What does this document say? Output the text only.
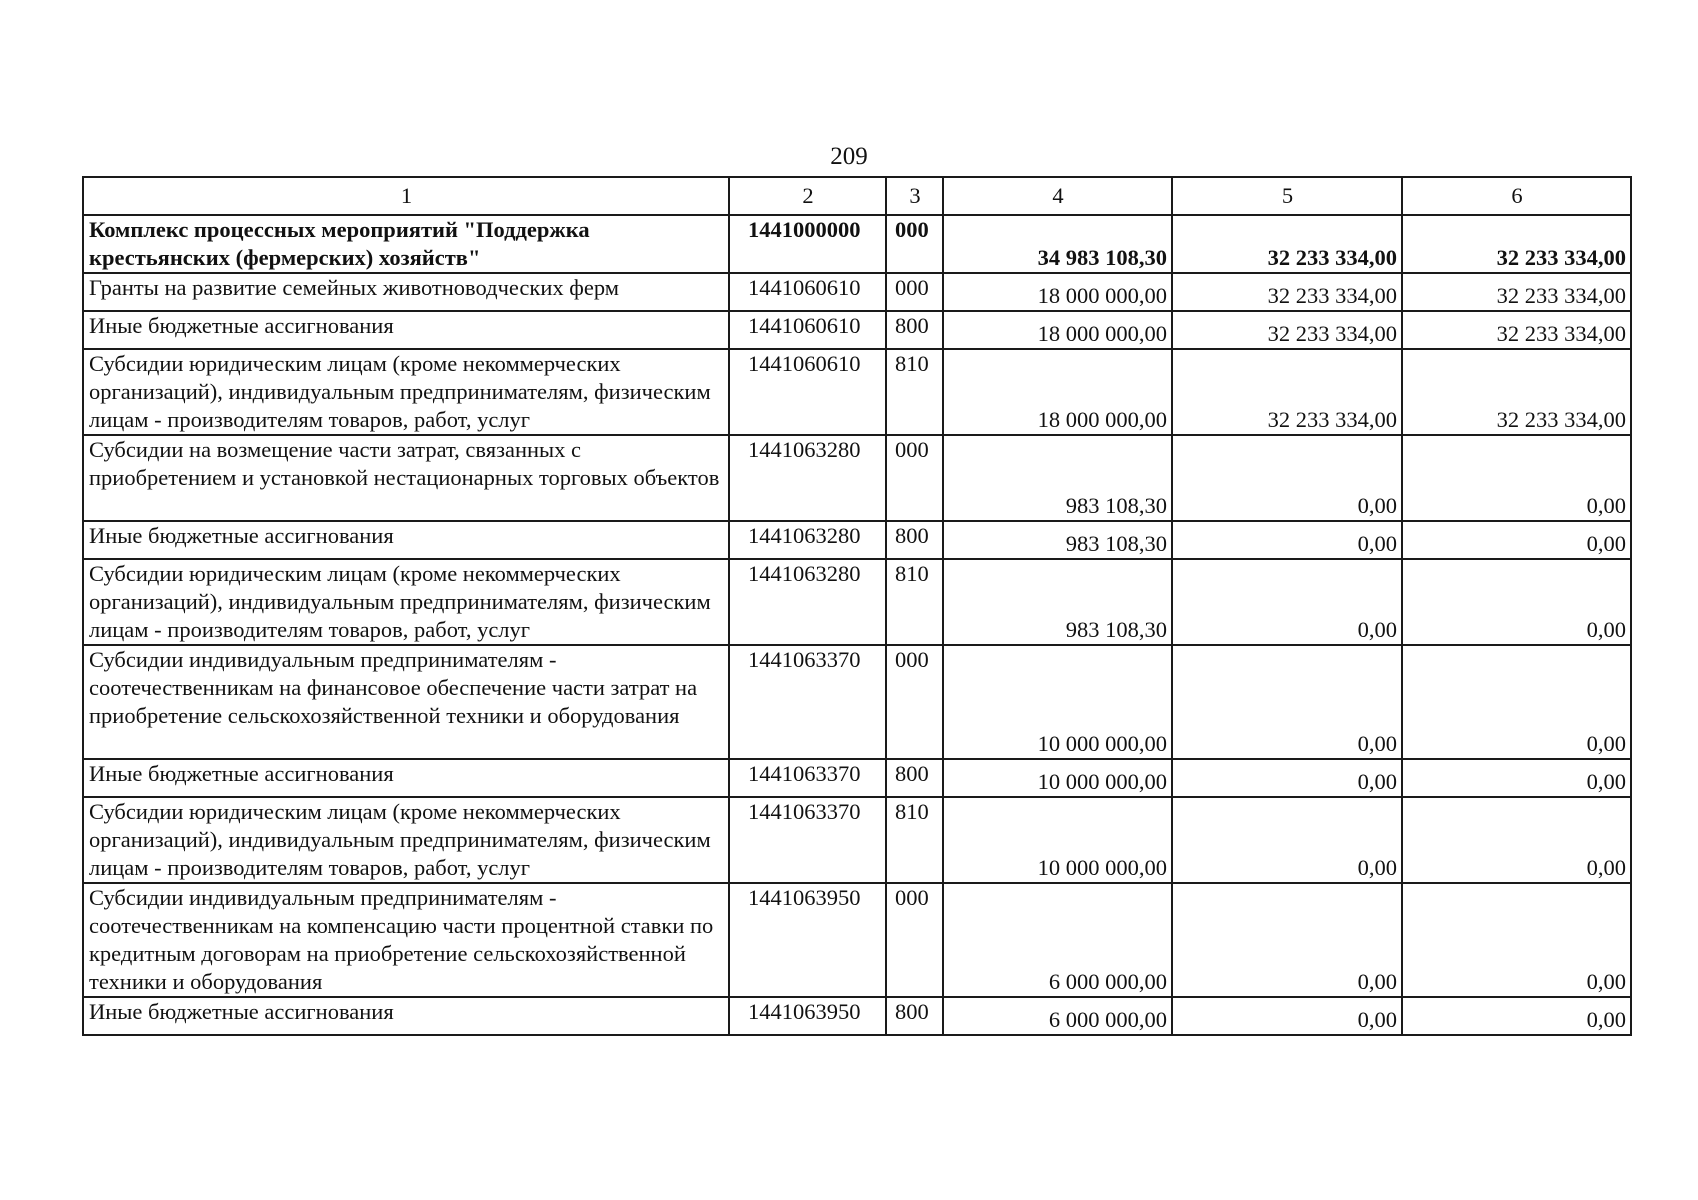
209
1	2	3	4	5	6
Комплекс процессных мероприятий "Поддержка крестьянских (фермерских) хозяйств"	1441000000	000	34 983 108,30	32 233 334,00	32 233 334,00
Гранты на развитие семейных животноводческих ферм	1441060610	000	18 000 000,00	32 233 334,00	32 233 334,00
Иные бюджетные ассигнования	1441060610	800	18 000 000,00	32 233 334,00	32 233 334,00
Субсидии юридическим лицам (кроме некоммерческих организаций), индивидуальным предпринимателям, физическим лицам - производителям товаров, работ, услуг	1441060610	810	18 000 000,00	32 233 334,00	32 233 334,00
Субсидии на возмещение части затрат, связанных с приобретением и установкой нестационарных торговых объектов	1441063280	000	983 108,30	0,00	0,00
Иные бюджетные ассигнования	1441063280	800	983 108,30	0,00	0,00
Субсидии юридическим лицам (кроме некоммерческих организаций), индивидуальным предпринимателям, физическим лицам - производителям товаров, работ, услуг	1441063280	810	983 108,30	0,00	0,00
Субсидии индивидуальным предпринимателям - соотечественникам на финансовое обеспечение части затрат на приобретение сельскохозяйственной техники и оборудования	1441063370	000	10 000 000,00	0,00	0,00
Иные бюджетные ассигнования	1441063370	800	10 000 000,00	0,00	0,00
Субсидии юридическим лицам (кроме некоммерческих организаций), индивидуальным предпринимателям, физическим лицам - производителям товаров, работ, услуг	1441063370	810	10 000 000,00	0,00	0,00
Субсидии индивидуальным предпринимателям - соотечественникам на компенсацию части процентной ставки по кредитным договорам на приобретение сельскохозяйственной техники и оборудования	1441063950	000	6 000 000,00	0,00	0,00
Иные бюджетные ассигнования	1441063950	800	6 000 000,00	0,00	0,00
